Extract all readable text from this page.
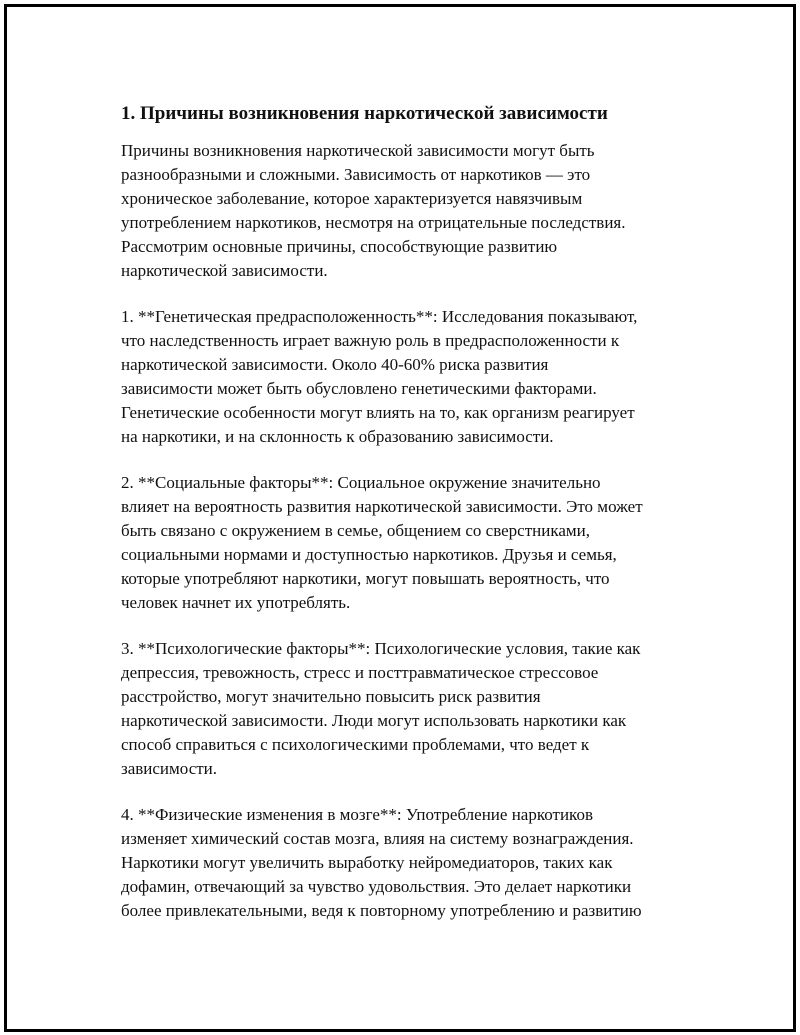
1. Причины возникновения наркотической зависимости

Причины возникновения наркотической зависимости могут быть
разнообразными и сложными. Зависимость от наркотиков — это
хроническое заболевание, которое характеризуется навязчивым
употреблением наркотиков, несмотря на отрицательные последствия.
Рассмотрим основные причины, способствующие развитию
наркотической зависимости.

1. **Генетическая предрасположенность**: Исследования показывают,
что наследственность играет важную роль в предрасположенности к
наркотической зависимости. Около 40-60% риска развития
зависимости может быть обусловлено генетическими факторами.
Генетические особенности могут влиять на то, как организм реагирует
на наркотики, и на склонность к образованию зависимости.

2. **Социальные факторы**: Социальное окружение значительно
влияет на вероятность развития наркотической зависимости. Это может
быть связано с окружением в семье, общением со сверстниками,
социальными нормами и доступностью наркотиков. Друзья и семья,
которые употребляют наркотики, могут повышать вероятность, что
человек начнет их употреблять.

3. **Психологические факторы**: Психологические условия, такие как
депрессия, тревожность, стресс и посттравматическое стрессовое
расстройство, могут значительно повысить риск развития
наркотической зависимости. Люди могут использовать наркотики как
способ справиться с психологическими проблемами, что ведет к
зависимости.

4. **Физические изменения в мозге**: Употребление наркотиков
изменяет химический состав мозга, влияя на систему вознаграждения.
Наркотики могут увеличить выработку нейромедиаторов, таких как
дофамин, отвечающий за чувство удовольствия. Это делает наркотики
более привлекательными, ведя к повторному употреблению и развитию
